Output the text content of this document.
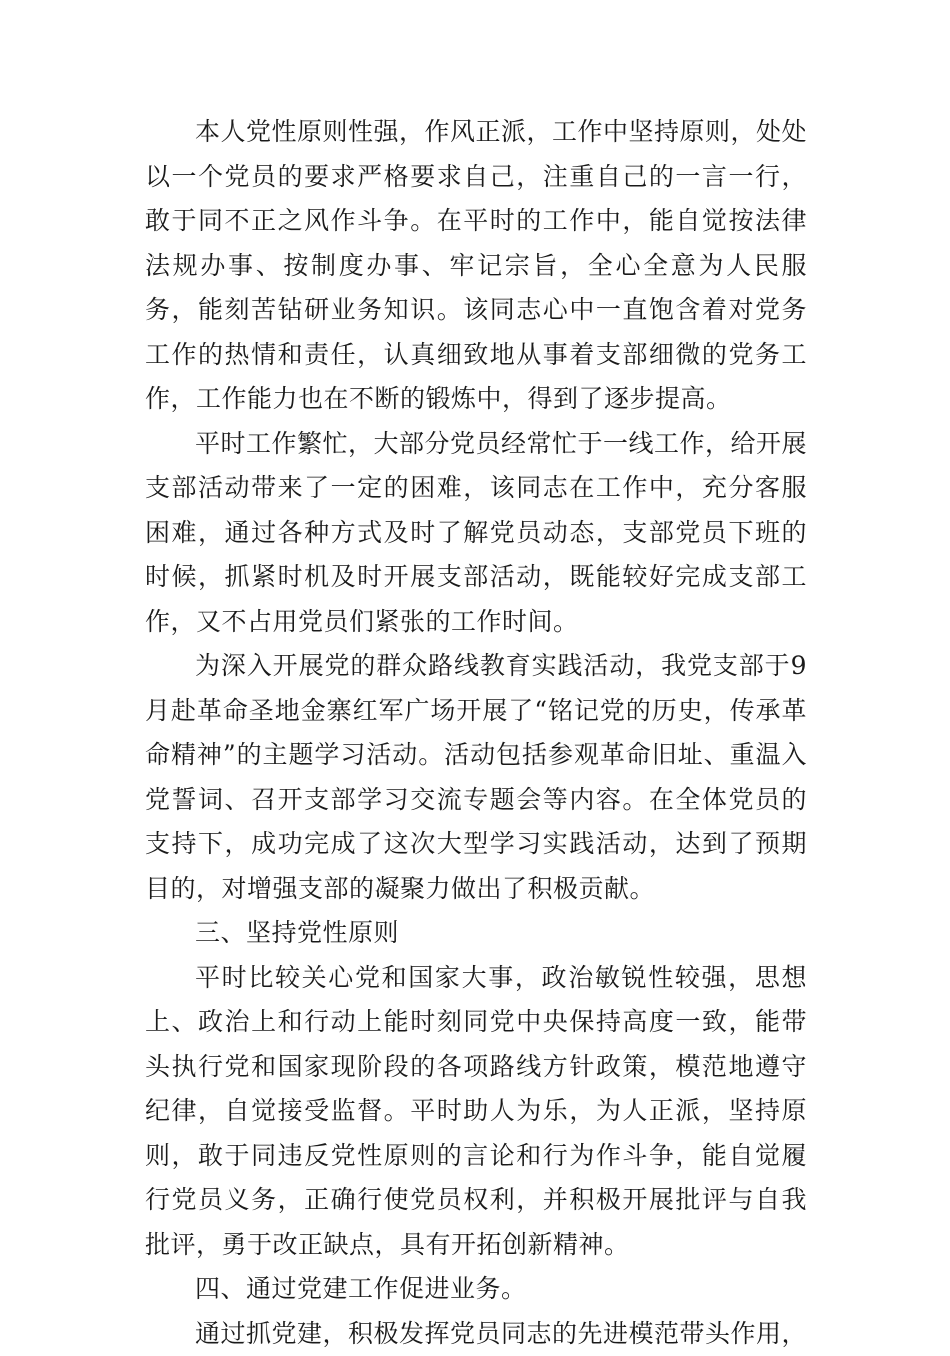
本人党性原则性强，作风正派，工作中坚持原则，处处以一个党员的要求严格要求自己，注重自己的一言一行，敢于同不正之风作斗争。在平时的工作中，能自觉按法律法规办事、按制度办事、牢记宗旨，全心全意为人民服务，能刻苦钻研业务知识。该同志心中一直饱含着对党务工作的热情和责任，认真细致地从事着支部细微的党务工作，工作能力也在不断的锻炼中，得到了逐步提高。

平时工作繁忙，大部分党员经常忙于一线工作，给开展支部活动带来了一定的困难，该同志在工作中，充分客服困难，通过各种方式及时了解党员动态，支部党员下班的时候，抓紧时机及时开展支部活动，既能较好完成支部工作，又不占用党员们紧张的工作时间。

为深入开展党的群众路线教育实践活动，我党支部于9月赴革命圣地金寨红军广场开展了“铭记党的历史，传承革命精神”的主题学习活动。活动包括参观革命旧址、重温入党誓词、召开支部学习交流专题会等内容。在全体党员的支持下，成功完成了这次大型学习实践活动，达到了预期目的，对增强支部的凝聚力做出了积极贡献。

三、坚持党性原则

平时比较关心党和国家大事，政治敏锐性较强，思想上、政治上和行动上能时刻同党中央保持高度一致，能带头执行党和国家现阶段的各项路线方针政策，模范地遵守纪律，自觉接受监督。平时助人为乐，为人正派，坚持原则，敢于同违反党性原则的言论和行为作斗争，能自觉履行党员义务，正确行使党员权利，并积极开展批评与自我批评，勇于改正缺点，具有开拓创新精神。

四、通过党建工作促进业务。

通过抓党建，积极发挥党员同志的先进模范带头作用，
